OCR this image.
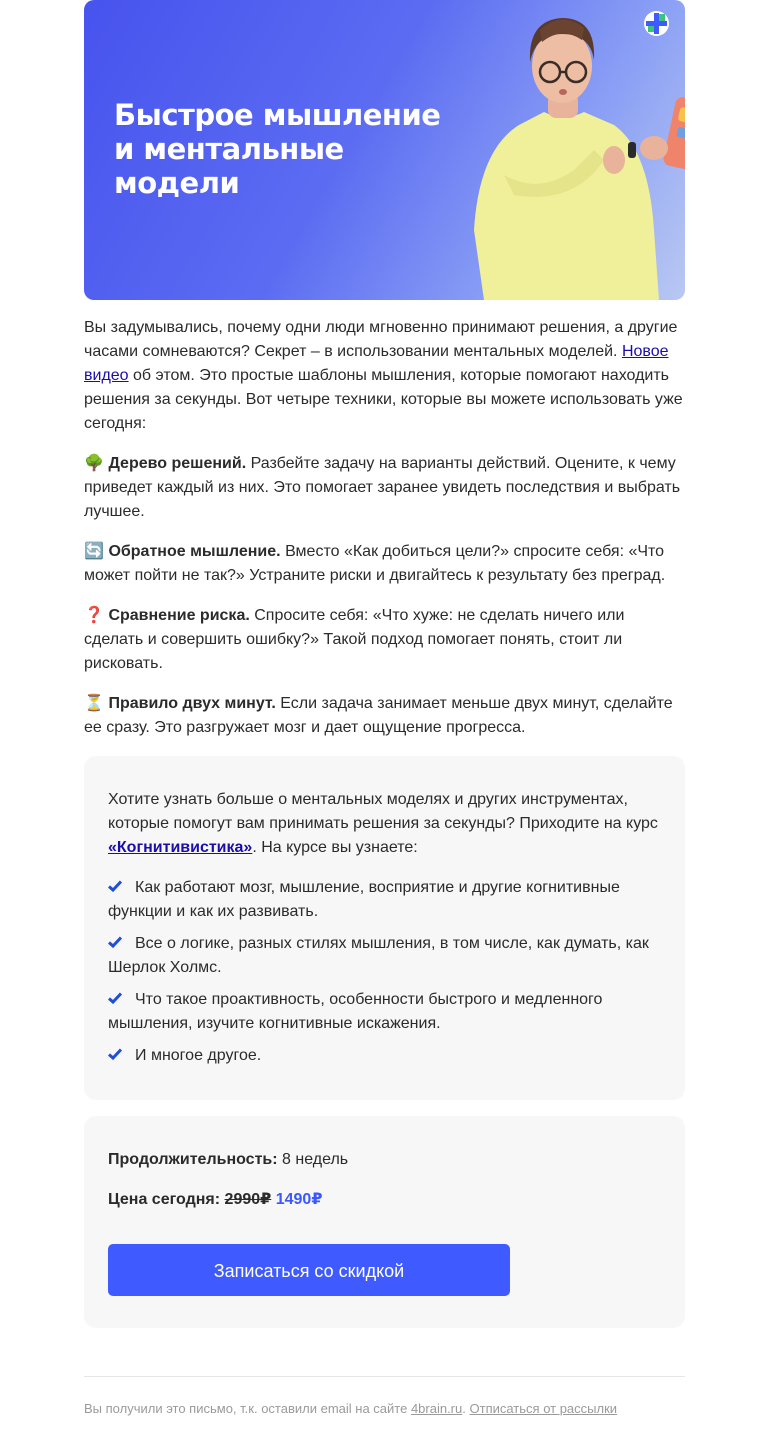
Быстрое мышление
и ментальные
модели

Вы задумывались, почему одни люди мгновенно принимают решения, а другие часами сомневаются? Секрет – в использовании ментальных моделей. Новое видео об этом. Это простые шаблоны мышления, которые помогают находить решения за секунды. Вот четыре техники, которые вы можете использовать уже сегодня:

🌳 Дерево решений. Разбейте задачу на варианты действий. Оцените, к чему приведет каждый из них. Это помогает заранее увидеть последствия и выбрать лучшее.

🔄 Обратное мышление. Вместо «Как добиться цели?» спросите себя: «Что может пойти не так?» Устраните риски и двигайтесь к результату без преград.

❓ Сравнение риска. Спросите себя: «Что хуже: не сделать ничего или сделать и совершить ошибку?» Такой подход помогает понять, стоит ли рисковать.

⏳ Правило двух минут. Если задача занимает меньше двух минут, сделайте ее сразу. Это разгружает мозг и дает ощущение прогресса.

Хотите узнать больше о ментальных моделях и других инструментах, которые помогут вам принимать решения за секунды? Приходите на курс «Когнитивистика». На курсе вы узнаете:

Как работают мозг, мышление, восприятие и другие когнитивные функции и как их развивать.
Все о логике, разных стилях мышления, в том числе, как думать, как Шерлок Холмс.
Что такое проактивность, особенности быстрого и медленного мышления, изучите когнитивные искажения.
И многое другое.
Продолжительность: 8 недель
Цена сегодня: 2990₽ 1490₽
Записаться со скидкой
Вы получили это письмо, т.к. оставили email на сайте 4brain.ru. Отписаться от рассылки
